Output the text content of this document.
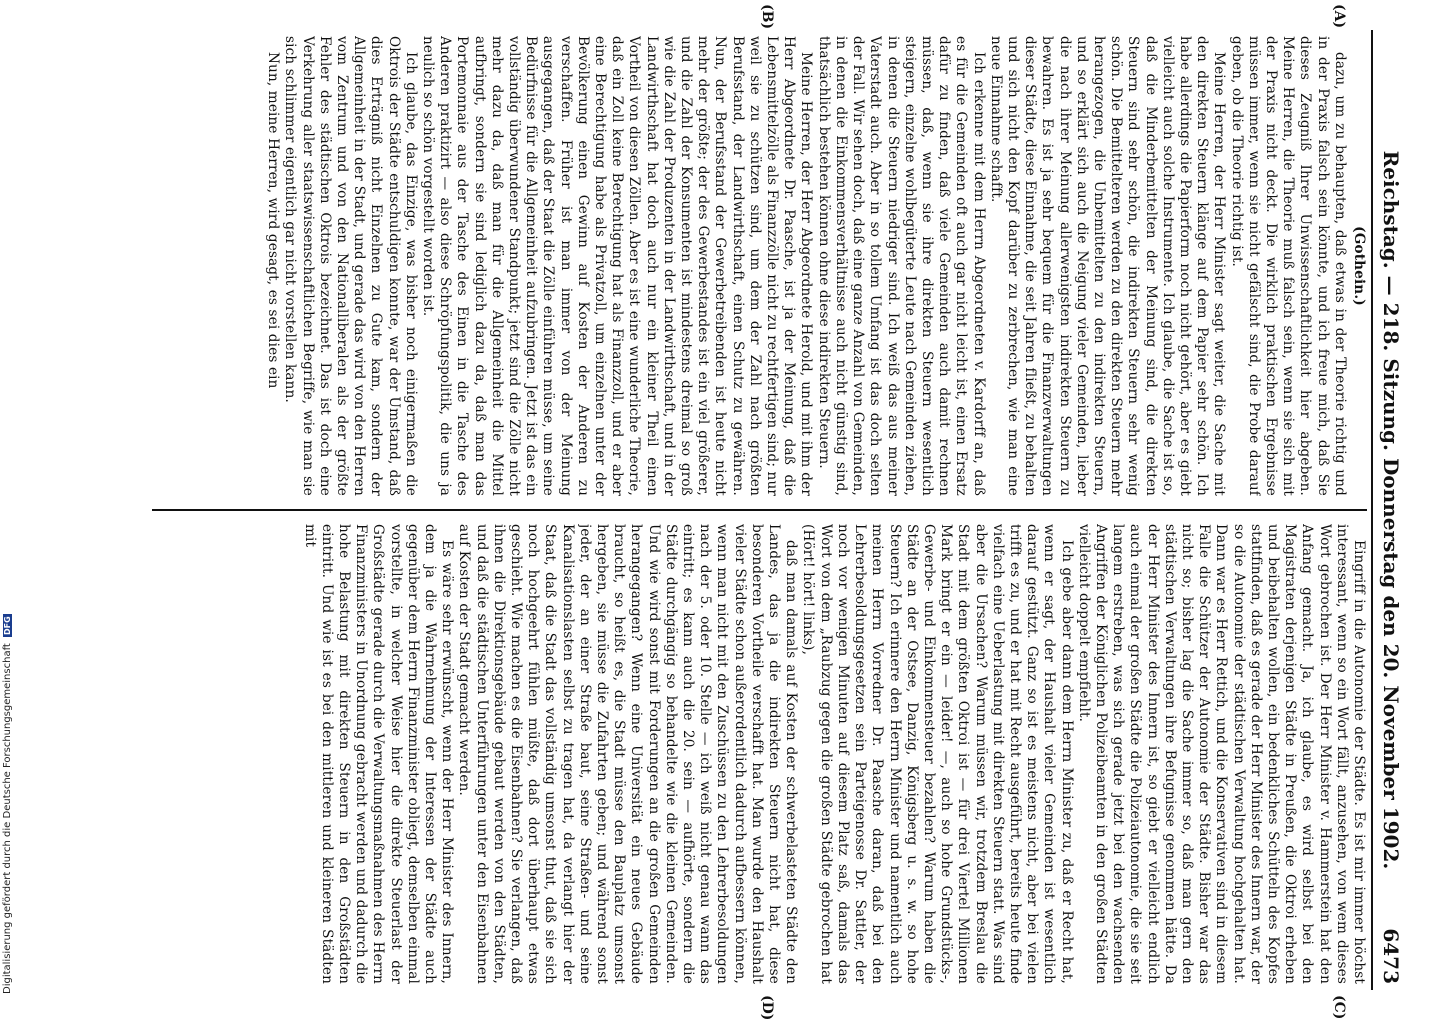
Reichstag. — 218. Sitzung. Donnerstag den 20. November 1902.
6473
(A)
(B)
(C)
(D)
(Gothein.)

dazu, um zu behaupten, daß etwas in der Theorie richtig und in der Praxis falsch sein könnte, und ich freue mich, daß Sie dieses Zeugniß Ihrer Unwissenschaftlichkeit hier abgeben. Meine Herren, die Theorie muß falsch sein, wenn sie sich mit der Praxis nicht deckt. Die wirklich praktischen Ergebnisse müssen immer, wenn sie nicht gefälscht sind, die Probe darauf geben, ob die Theorie richtig ist.

Meine Herren, der Herr Minister sagt weiter, die Sache mit den direkten Steuern klänge auf dem Papier sehr schön. Ich habe allerdings die Papierform noch nicht gehört, aber es giebt vielleicht auch solche Instrumente. Ich glaube, die Sache ist so, daß die Minderbemittelten der Meinung sind, die direkten Steuern sind sehr schön, die indirekten Steuern sehr wenig schön. Die Bemittelteren werden zu den direkten Steuern mehr herangezogen, die Unbemittelten zu den indirekten Steuern, und so erklärt sich auch die Neigung vieler Gemeinden, lieber die nach ihrer Meinung allerwenigsten indirekten Steuern zu bewahren. Es ist ja sehr bequem für die Finanzverwaltungen dieser Städte, diese Einnahme, die seit Jahren fließt, zu behalten und sich nicht den Kopf darüber zu zerbrechen, wie man eine neue Einnahme schafft.

Ich erkenne mit dem Herrn Abgeordneten v. Kardorff an, daß es für die Gemeinden oft auch gar nicht leicht ist, einen Ersatz dafür zu finden, daß viele Gemeinden auch damit rechnen müssen, daß, wenn sie ihre direkten Steuern wesentlich steigern, einzelne wohlbegüterte Leute nach Gemeinden ziehen, in denen die Steuern niedriger sind. Ich weiß das aus meiner Vaterstadt auch. Aber in so tollem Umfang ist das doch selten der Fall. Wir sehen doch, daß eine ganze Anzahl von Gemeinden, in denen die Einkommensverhältnisse auch nicht günstig sind, thatsächlich bestehen können ohne diese indirekten Steuern.

Meine Herren, der Herr Abgeordnete Herold, und mit ihm der Herr Abgeordnete Dr. Paasche, ist ja der Meinung, daß die Lebensmittelzölle als Finanzzölle nicht zu rechtfertigen sind; nur weil sie zu schützen sind, um dem der Zahl nach größten Berufsstand, der Landwirthschaft, einen Schutz zu gewähren. Nun, der Berufsstand der Gewerbetreibenden ist heute nicht mehr der größte; der des Gewerbestandes ist ein viel größerer, und die Zahl der Konsumenten ist mindestens dreimal so groß wie die Zahl der Produzenten in der Landwirthschaft, und in der Landwirthschaft hat doch auch nur ein kleiner Theil einen Vortheil von diesen Zöllen. Aber es ist eine wunderliche Theorie, daß ein Zoll keine Berechtigung hat als Finanzzoll, und er aber eine Berechtigung habe als Privatzoll, um einzelnen unter der Bevölkerung einen Gewinn auf Kosten der Anderen zu verschaffen. Früher ist man immer von der Meinung ausgegangen, daß der Staat die Zölle einführen müsse, um seine Bedürfnisse für die Allgemeinheit aufzubringen. Jetzt ist das ein vollständig überwundener Standpunkt; jetzt sind die Zölle nicht mehr dazu da, daß man für die Allgemeinheit die Mittel aufbringt, sondern sie sind lediglich dazu da, daß man das Portemonnaie aus der Tasche des Einen in die Tasche des Anderen praktizirt — also diese Schröpfungspolitik, die uns ja neulich so schön vorgestellt worden ist.

Ich glaube, das Einzige, was bisher noch einigermaßen die Oktrois der Städte entschuldigen konnte, war der Umstand, daß dies Erträgniß nicht Einzelnen zu Gute kam, sondern der Allgemeinheit in der Stadt, und gerade das wird von den Herren vom Zentrum und von den Nationalliberalen als der größte Fehler des städtischen Oktrois bezeichnet. Das ist doch eine Verkehrung aller staatswissenschaftlichen Begriffe, wie man sie sich schlimmer eigentlich gar nicht vorstellen kann.

Nun, meine Herren, wird gesagt, es sei dies ein

Eingriff in die Autonomie der Städte. Es ist mir immer höchst interessant, wenn so ein Wort fällt, anzusehen, von wem dieses Wort gebrochen ist. Der Herr Minister v. Hammerstein hat den Anfang gemacht. Ja, ich glaube, es wird selbst bei den Magistraten derjenigen Städte in Preußen, die Oktroi erheben und beibehalten wollen, ein bedenkliches Schütteln des Kopfes stattfinden, daß es gerade der Herr Minister des Innern war, der so die Autonomie der städtischen Verwaltung hochgehalten hat. Dann war es Herr Rettich, und die Konservativen sind in diesem Falle die Schützer der Autonomie der Städte. Bisher war das nicht so; bisher lag die Sache immer so, daß man gern den städtischen Verwaltungen ihre Befugnisse genommen hätte. Da der Herr Minister des Innern ist, so giebt er vielleicht endlich auch einmal der großen Städte die Polizeiautonomie, die sie seit langem erstreben, was sich gerade jetzt bei den wachsenden Angriffen der Königlichen Polizeibeamten in den großen Städten vielleicht doppelt empfiehlt.

Ich gebe aber dann dem Herrn Minister zu, daß er Recht hat, wenn er sagt, der Haushalt vieler Gemeinden ist wesentlich darauf gestützt. Ganz so ist es meistens nicht, aber bei vielen trifft es zu, und er hat mit Recht ausgeführt, bereits heute finde vielfach eine Ueberlastung mit direkten Steuern statt. Was sind aber die Ursachen? Warum müssen wir, trotzdem Breslau die Stadt mit dem größten Oktroi ist — für drei Viertel Millionen Mark bringt er ein — leider! —, auch so hohe Grundstücks-, Gewerbe- und Einkommensteuer bezahlen? Warum haben die Städte an der Ostsee, Danzig, Königsberg u. s. w. so hohe Steuern? Ich erinnere den Herrn Minister und namentlich auch meinen Herrn Vorredner Dr. Paasche daran, daß bei den Lehrerbesoldungsgesetzen sein Parteigenosse Dr. Sattler, der noch vor wenigen Minuten auf diesem Platz saß, damals das Wort von dem „Raubzug gegen die großen Städte gebrochen hat (Hört! hört! links),

daß man damals auf Kosten der schwerbelasteten Städte den Landes, das ja die indirekten Steuern nicht hat, diese besonderen Vortheile verschafft hat. Man wurde den Haushalt vieler Städte schon außerordentlich dadurch aufbessern können, wenn man nicht mit den Zuschüssen zu den Lehrerbesoldungen nach der 5. oder 10. Stelle — ich weiß nicht genau wann das eintritt; es kann auch die 20. sein — aufhörte, sondern die Städte durchgängig so behandelte wie die kleinen Gemeinden. Und wie wird sonst mit Forderungen an die großen Gemeinden herangegangen? Wenn eine Universität ein neues Gebäude braucht, so heißt es, die Stadt müsse den Bauplatz umsonst hergeben, sie müsse die Zufahrten geben; und während sonst jeder, der an einer Straße baut, seine Straßen- und seine Kanalisationslasten selbst zu tragen hat, da verlangt hier der Staat, daß die Stadt das vollständig umsonst thut, daß sie sich noch hochgeehrt fühlen müßte, daß dort überhaupt etwas geschieht. Wie machen es die Eisenbahnen? Sie verlangen, daß ihnen die Direktionsgebäude gebaut werden von den Städten, und daß die städtischen Unterführungen unter den Eisenbahnen auf Kosten der Stadt gemacht werden.

Es wäre sehr erwünscht, wenn der Herr Minister des Innern, dem ja die Wahrnehmung der Interessen der Städte auch gegenüber dem Herrn Finanzminister obliegt, demselben einmal vorstellte, in welcher Weise hier die direkte Steuerlast der Großstädte gerade durch die Verwaltungsmaßnahmen des Herrn Finanzministers in Unordnung gebracht werden und dadurch die hohe Belastung mit direkten Steuern in den Großstädten eintritt. Und wie ist es bei den mittleren und kleineren Städten mit

Digitalisierung gefördert durch die Deutsche Forschungsgemeinschaft DFG
